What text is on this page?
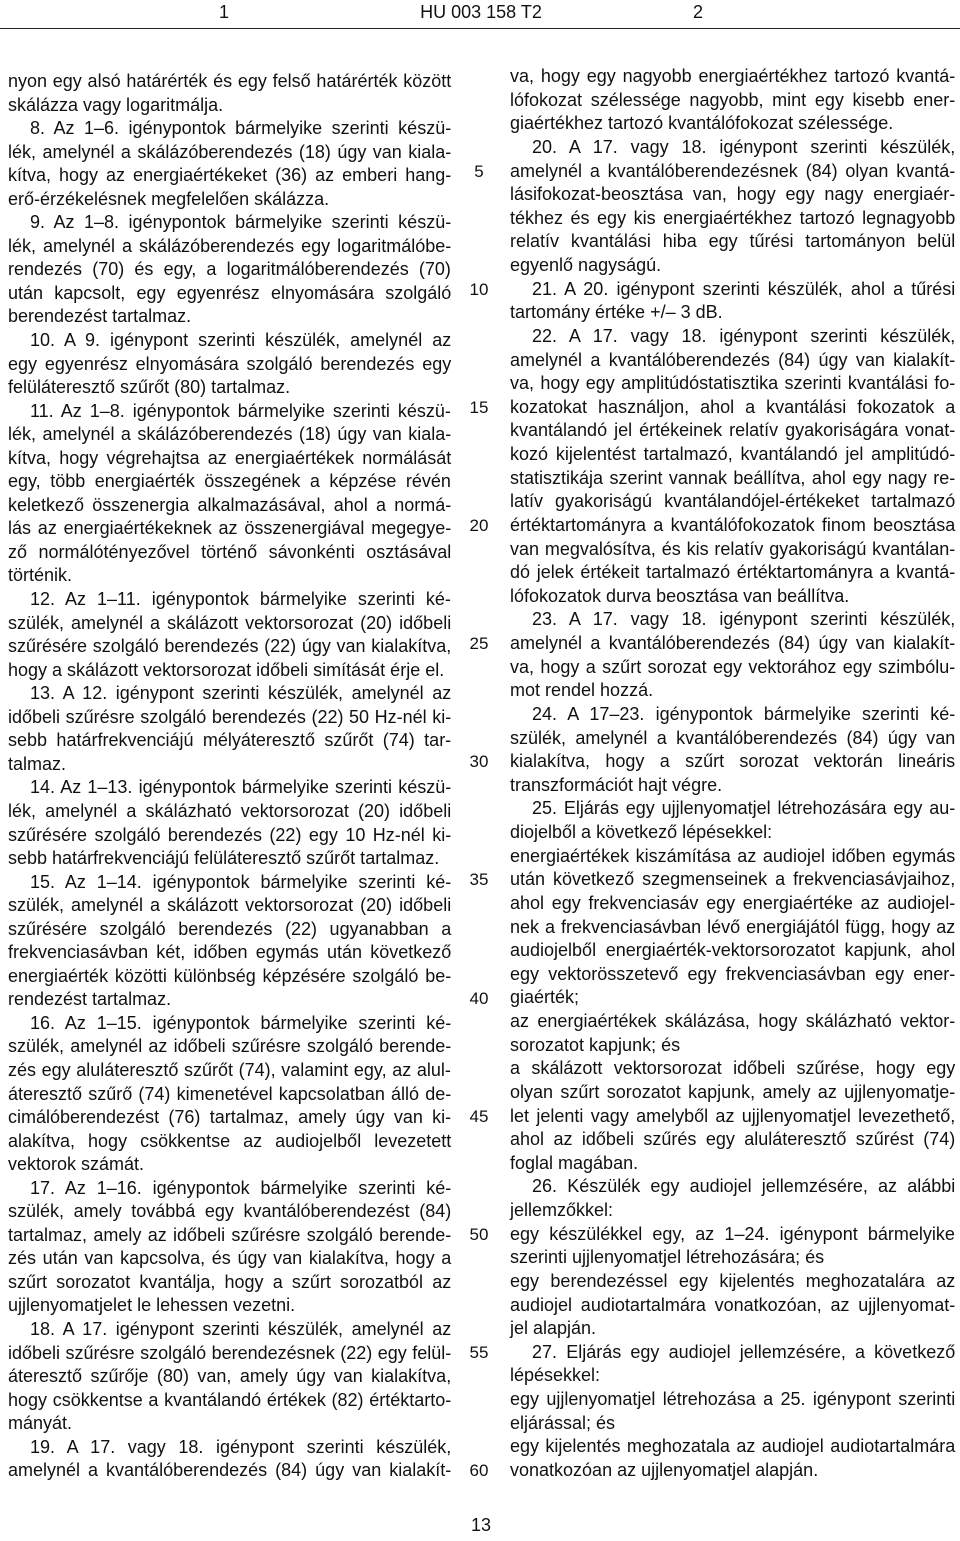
1	HU 003 158 T2	2
nyon egy alsó határérték és egy felső határérték között
skálázza vagy logaritmálja.
8. Az 1–6. igénypontok bármelyike szerinti készü-
lék, amelynél a skálázóberendezés (18) úgy van kiala-
kítva, hogy az energiaértékeket (36) az emberi hang-
erő-érzékelésnek megfelelően skálázza.
9. Az 1–8. igénypontok bármelyike szerinti készü-
lék, amelynél a skálázóberendezés egy logaritmálóbe-
rendezés (70) és egy, a logaritmálóberendezés (70)
után kapcsolt, egy egyenrész elnyomására szolgáló
berendezést tartalmaz.
10. A 9. igénypont szerinti készülék, amelynél az
egy egyenrész elnyomására szolgáló berendezés egy
felüláteresztő szűrőt (80) tartalmaz.
11. Az 1–8. igénypontok bármelyike szerinti készü-
lék, amelynél a skálázóberendezés (18) úgy van kiala-
kítva, hogy végrehajtsa az energiaértékek normálását
egy, több energiaérték összegének a képzése révén
keletkező összenergia alkalmazásával, ahol a normá-
lás az energiaértékeknek az összenergiával megegye-
ző normálótényezővel történő sávonkénti osztásával
történik.
12. Az 1–11. igénypontok bármelyike szerinti ké-
szülék, amelynél a skálázott vektorsorozat (20) időbeli
szűrésére szolgáló berendezés (22) úgy van kialakítva,
hogy a skálázott vektorsorozat időbeli simítását érje el.
13. A 12. igénypont szerinti készülék, amelynél az
időbeli szűrésre szolgáló berendezés (22) 50 Hz-nél ki-
sebb határfrekvenciájú mélyáteresztő szűrőt (74) tar-
talmaz.
14. Az 1–13. igénypontok bármelyike szerinti készü-
lék, amelynél a skálázható vektorsorozat (20) időbeli
szűrésére szolgáló berendezés (22) egy 10 Hz-nél ki-
sebb határfrekvenciájú felüláteresztő szűrőt tartalmaz.
15. Az 1–14. igénypontok bármelyike szerinti ké-
szülék, amelynél a skálázott vektorsorozat (20) időbeli
szűrésére szolgáló berendezés (22) ugyanabban a
frekvenciasávban két, időben egymás után következő
energiaérték közötti különbség képzésére szolgáló be-
rendezést tartalmaz.
16. Az 1–15. igénypontok bármelyike szerinti ké-
szülék, amelynél az időbeli szűrésre szolgáló berende-
zés egy aluláteresztő szűrőt (74), valamint egy, az alul-
áteresztő szűrő (74) kimenetével kapcsolatban álló de-
cimálóberendezést (76) tartalmaz, amely úgy van ki-
alakítva, hogy csökkentse az audiojelből levezetett
vektorok számát.
17. Az 1–16. igénypontok bármelyike szerinti ké-
szülék, amely továbbá egy kvantálóberendezést (84)
tartalmaz, amely az időbeli szűrésre szolgáló berende-
zés után van kapcsolva, és úgy van kialakítva, hogy a
szűrt sorozatot kvantálja, hogy a szűrt sorozatból az
ujjlenyomatjelet le lehessen vezetni.
18. A 17. igénypont szerinti készülék, amelynél az
időbeli szűrésre szolgáló berendezésnek (22) egy felül-
áteresztő szűrője (80) van, amely úgy van kialakítva,
hogy csökkentse a kvantálandó értékek (82) értéktarto-
mányát.
19. A 17. vagy 18. igénypont szerinti készülék,
amelynél a kvantálóberendezés (84) úgy van kialakít-
5
10
15
20
25
30
35
40
45
50
55
60
va, hogy egy nagyobb energiaértékhez tartozó kvantá-
lófokozat szélessége nagyobb, mint egy kisebb ener-
giaértékhez tartozó kvantálófokozat szélessége.
20. A 17. vagy 18. igénypont szerinti készülék,
amelynél a kvantálóberendezésnek (84) olyan kvantá-
lásifokozat-beosztása van, hogy egy nagy energiaér-
tékhez és egy kis energiaértékhez tartozó legnagyobb
relatív kvantálási hiba egy tűrési tartományon belül
egyenlő nagyságú.
21. A 20. igénypont szerinti készülék, ahol a tűrési
tartomány értéke +/– 3 dB.
22. A 17. vagy 18. igénypont szerinti készülék,
amelynél a kvantálóberendezés (84) úgy van kialakít-
va, hogy egy amplitúdóstatisztika szerinti kvantálási fo-
kozatokat használjon, ahol a kvantálási fokozatok a
kvantálandó jel értékeinek relatív gyakoriságára vonat-
kozó kijelentést tartalmazó, kvantálandó jel amplitúdó-
statisztikája szerint vannak beállítva, ahol egy nagy re-
latív gyakoriságú kvantálandójel-értékeket tartalmazó
értéktartományra a kvantálófokozatok finom beosztása
van megvalósítva, és kis relatív gyakoriságú kvantálan-
dó jelek értékeit tartalmazó értéktartományra a kvantá-
lófokozatok durva beosztása van beállítva.
23. A 17. vagy 18. igénypont szerinti készülék,
amelynél a kvantálóberendezés (84) úgy van kialakít-
va, hogy a szűrt sorozat egy vektorához egy szimbólu-
mot rendel hozzá.
24. A 17–23. igénypontok bármelyike szerinti ké-
szülék, amelynél a kvantálóberendezés (84) úgy van
kialakítva, hogy a szűrt sorozat vektorán lineáris
transzformációt hajt végre.
25. Eljárás egy ujjlenyomatjel létrehozására egy au-
diojelből a következő lépésekkel:
energiaértékek kiszámítása az audiojel időben egymás
után következő szegmenseinek a frekvenciasávjaihoz,
ahol egy frekvenciasáv egy energiaértéke az audiojel-
nek a frekvenciasávban lévő energiájától függ, hogy az
audiojelből energiaérték-vektorsorozatot kapjunk, ahol
egy vektorösszetevő egy frekvenciasávban egy ener-
giaérték;
az energiaértékek skálázása, hogy skálázható vektor-
sorozatot kapjunk; és
a skálázott vektorsorozat időbeli szűrése, hogy egy
olyan szűrt sorozatot kapjunk, amely az ujjlenyomatje-
let jelenti vagy amelyből az ujjlenyomatjel levezethető,
ahol az időbeli szűrés egy aluláteresztő szűrést (74)
foglal magában.
26. Készülék egy audiojel jellemzésére, az alábbi
jellemzőkkel:
egy készülékkel egy, az 1–24. igénypont bármelyike
szerinti ujjlenyomatjel létrehozására; és
egy berendezéssel egy kijelentés meghozatalára az
audiojel audiotartalmára vonatkozóan, az ujjlenyomat-
jel alapján.
27. Eljárás egy audiojel jellemzésére, a következő
lépésekkel:
egy ujjlenyomatjel létrehozása a 25. igénypont szerinti
eljárással; és
egy kijelentés meghozatala az audiojel audiotartalmára
vonatkozóan az ujjlenyomatjel alapján.
13
